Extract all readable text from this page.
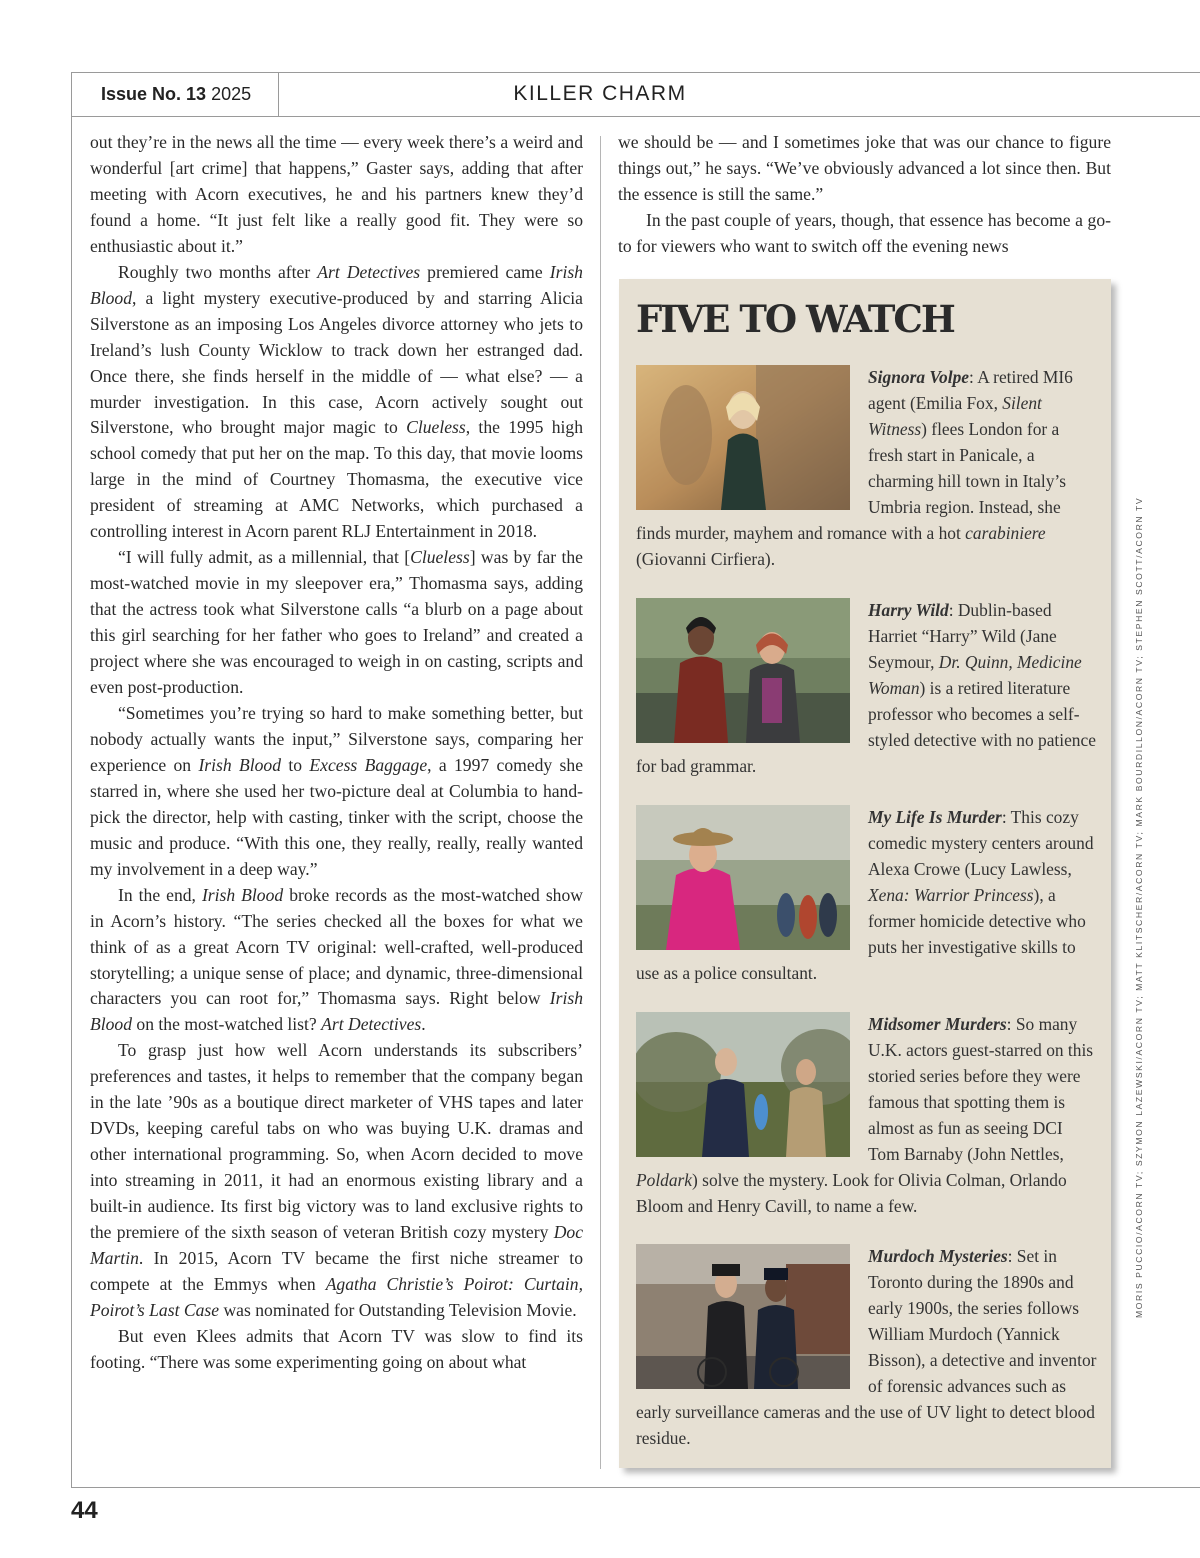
Issue No. 13 2025	KILLER CHARM

out they’re in the news all the time — every week there’s a weird and wonderful [art crime] that happens,” Gaster says, adding that after meeting with Acorn executives, he and his partners knew they’d found a home. “It just felt like a really good fit. They were so enthusiastic about it.”

Roughly two months after Art Detectives premiered came Irish Blood, a light mystery executive-produced by and starring Alicia Silverstone as an imposing Los Angeles divorce attorney who jets to Ireland’s lush County Wicklow to track down her estranged dad. Once there, she finds herself in the middle of — what else? — a murder investigation. In this case, Acorn actively sought out Silverstone, who brought major magic to Clueless, the 1995 high school comedy that put her on the map. To this day, that movie looms large in the mind of Courtney Thomasma, the executive vice president of streaming at AMC Networks, which purchased a controlling interest in Acorn parent RLJ Entertainment in 2018.

“I will fully admit, as a millennial, that [Clueless] was by far the most-watched movie in my sleepover era,” Thomasma says, adding that the actress took what Silverstone calls “a blurb on a page about this girl searching for her father who goes to Ireland” and created a project where she was encouraged to weigh in on casting, scripts and even post-production.

“Sometimes you’re trying so hard to make something better, but nobody actually wants the input,” Silverstone says, comparing her experience on Irish Blood to Excess Baggage, a 1997 comedy she starred in, where she used her two-picture deal at Columbia to hand-pick the director, help with casting, tinker with the script, choose the music and produce. “With this one, they really, really, really wanted my involvement in a deep way.”

In the end, Irish Blood broke records as the most-watched show in Acorn’s history. “The series checked all the boxes for what we think of as a great Acorn TV original: well-crafted, well-produced storytelling; a unique sense of place; and dynamic, three-dimensional characters you can root for,” Thomasma says. Right below Irish Blood on the most-watched list? Art Detectives.

To grasp just how well Acorn understands its subscribers’ preferences and tastes, it helps to remember that the company began in the late ’90s as a boutique direct marketer of VHS tapes and later DVDs, keeping careful tabs on who was buying U.K. dramas and other international programming. So, when Acorn decided to move into streaming in 2011, it had an enormous existing library and a built-in audience. Its first big victory was to land exclusive rights to the premiere of the sixth season of veteran British cozy mystery Doc Martin. In 2015, Acorn TV became the first niche streamer to compete at the Emmys when Agatha Christie’s Poirot: Curtain, Poirot’s Last Case was nominated for Outstanding Television Movie.

But even Klees admits that Acorn TV was slow to find its footing. “There was some experimenting going on about what

we should be — and I sometimes joke that was our chance to figure things out,” he says. “We’ve obviously advanced a lot since then. But the essence is still the same.”

In the past couple of years, though, that essence has become a go-to for viewers who want to switch off the evening news

FIVE TO WATCH
Signora Volpe: A retired MI6 agent (Emilia Fox, Silent Witness) flees London for a fresh start in Panicale, a charming hill town in Italy’s Umbria region. Instead, she finds murder, mayhem and romance with a hot carabiniere (Giovanni Cirfiera).
Harry Wild: Dublin-based Harriet “Harry” Wild (Jane Seymour, Dr. Quinn, Medicine Woman) is a retired literature professor who becomes a self-styled detective with no patience for bad grammar.
My Life Is Murder: This cozy comedic mystery centers around Alexa Crowe (Lucy Lawless, Xena: Warrior Princess), a former homicide detective who puts her investigative skills to use as a police consultant.
Midsomer Murders: So many U.K. actors guest-starred on this storied series before they were famous that spotting them is almost as fun as seeing DCI Tom Barnaby (John Nettles, Poldark) solve the mystery. Look for Olivia Colman, Orlando Bloom and Henry Cavill, to name a few.
Murdoch Mysteries: Set in Toronto during the 1890s and early 1900s, the series follows William Murdoch (Yannick Bisson), a detective and inventor of forensic advances such as early surveillance cameras and the use of UV light to detect blood residue.
MORIS PUCCIO/ACORN TV; SZYMON LAZEWSKI/ACORN TV; MATT KLITSCHER/ACORN TV; MARK BOURDILLON/ACORN TV; STEPHEN SCOTT/ACORN TV
44
